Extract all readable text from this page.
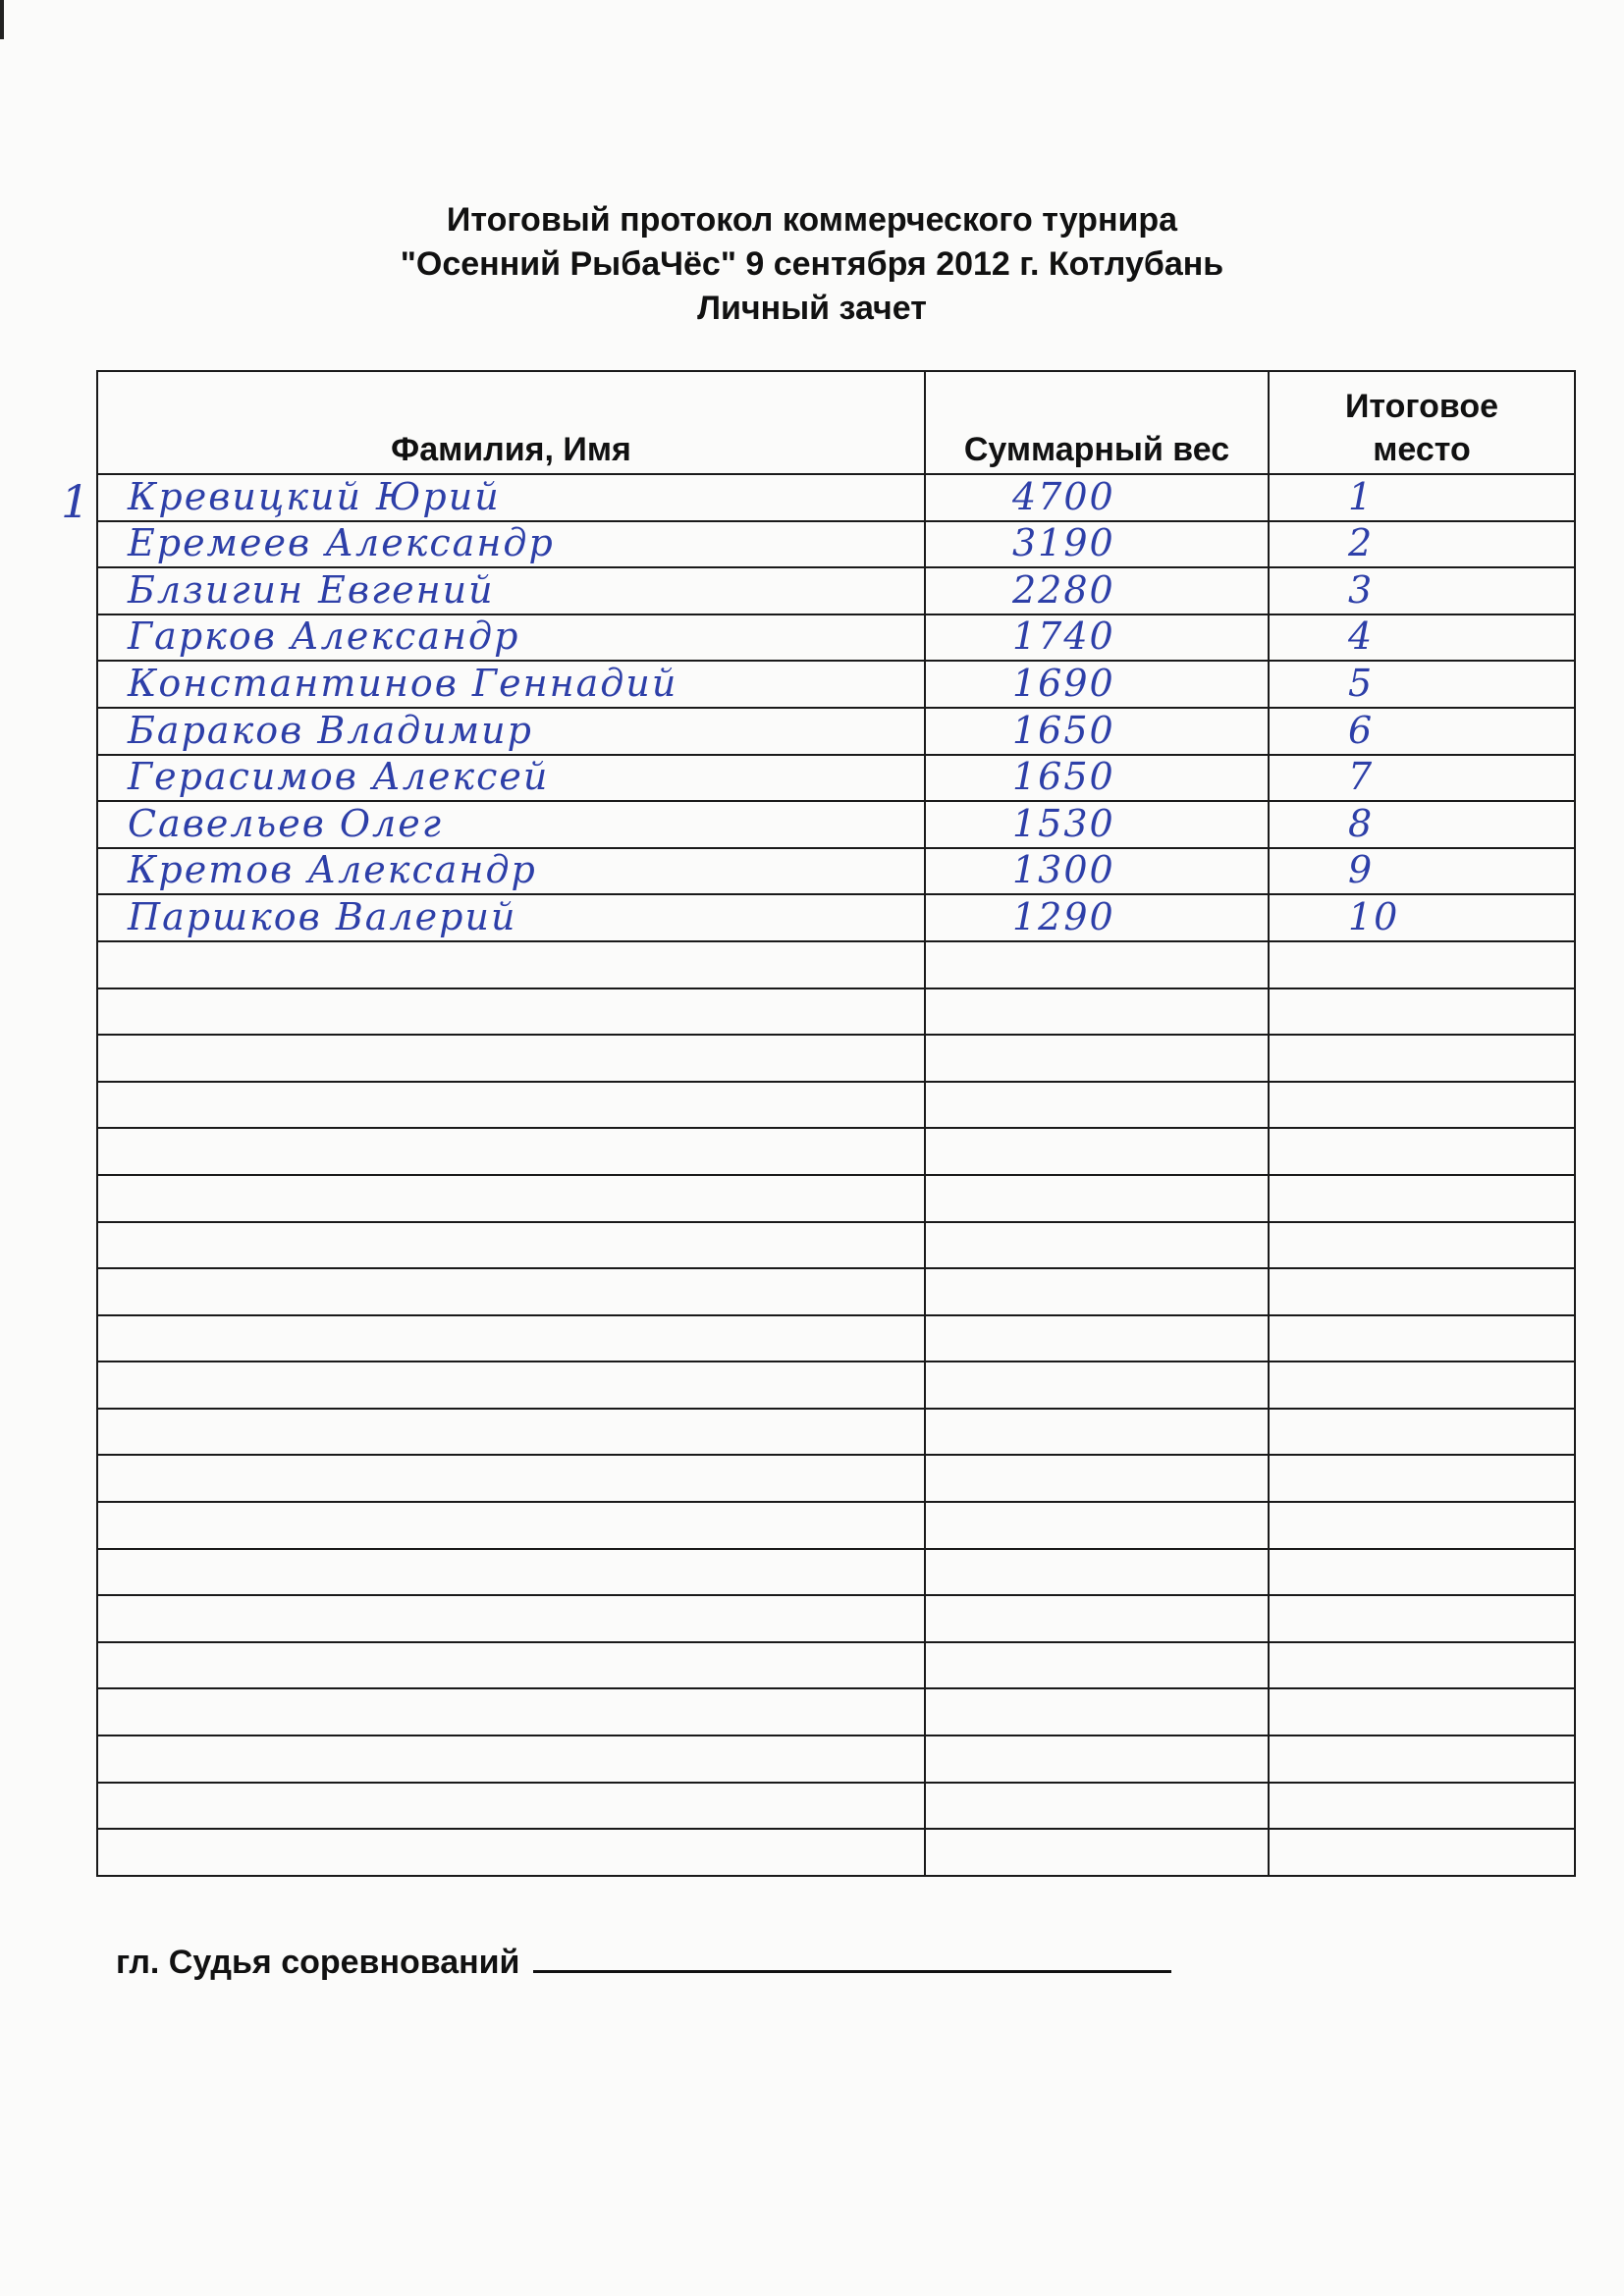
Итоговый протокол коммерческого турнира
"Осенний РыбаЧёс" 9 сентября 2012 г. Котлубань
Личный зачет
1
Фамилия, Имя	Суммарный вес	Итоговое место

Кревицкий Юрий	4700	1

Еремеев Александр	3190	2

Блзигин Евгений	2280	3

Гарков Александр	1740	4

Константинов Геннадий	1690	5

Бараков Владимир	1650	6

Герасимов Алексей	1650	7

Савельев Олег	1530	8

Кретов Александр	1300	9

Паршков Валерий	1290	10

гл. Судья соревнований
